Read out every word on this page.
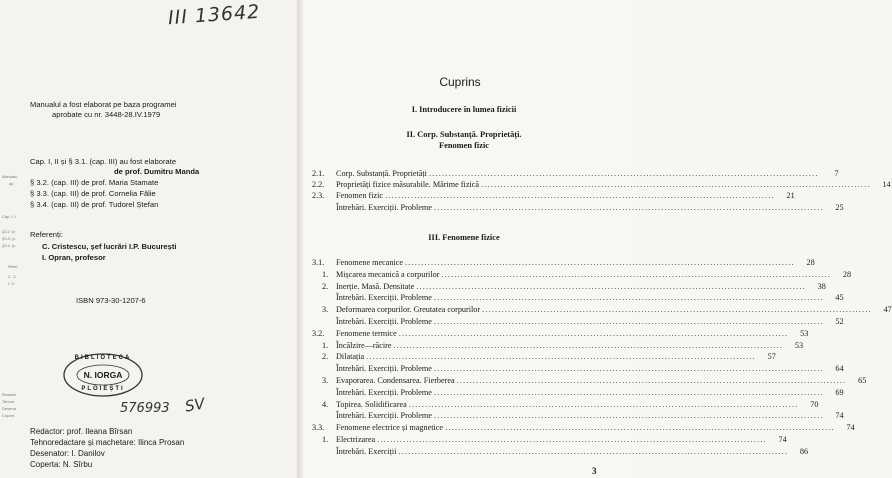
III 13642
Manualul a fost elaborat pe baza programei
aprobate cu nr. 3448-28.IV.1979
Cap. I, II și § 3.1. (cap. III) au fost elaborate
de prof. Dumitru Manda
§ 3.2. (cap. III) de prof. Maria Stamate
§ 3.3. (cap. III) de prof. Cornelia Fălie
§ 3.4. (cap. III) de prof. Tudorel Ștefan
Referenți:
C. Cristescu, șef lucrări I.P. București
I. Opran, profesor
ISBN 973-30-1207-6
BIBLIOTECA
N. IORGA
PLOIEȘTI
576993 SV
Redactor: prof. Ileana Bîrsan
Tehnoredactare și machetare: Ilinca Prosan
Desenator: I. Danilov
Coperta: N. Sîrbu
Manualu
ap
Cap. I, I
§3.2. (c
§3.3. (c
§3.4. (c
Refer
C. C
I. O
Redacti
Tehnor
Desena
Copert
Cuprins
I. Introducere în lumea fizicii
II. Corp. Substanță. Proprietăți.
Fenomen fizic
2.1.	Corp. Substanță. Proprietăți ........................................................................................................................	7
2.2.	Proprietăți fizice măsurabile. Mărime fizică ........................................................................................................................	14
2.3.	Fenomen fizic ........................................................................................................................	21
Întrebări. Exerciții. Probleme ........................................................................................................................	25
III. Fenomene fizice
3.1.	Fenomene mecanice ........................................................................................................................	28
1. Mișcarea mecanică a corpurilor ........................................................................................................................	28
2. Inerție. Masă. Densitate ........................................................................................................................	38
Întrebări. Exerciții. Probleme ........................................................................................................................	45
3. Deformarea corpurilor. Greutatea corpurilor ........................................................................................................................	47
Întrebări. Exerciții. Probleme ........................................................................................................................	52
3.2.	Fenomene termice ........................................................................................................................	53
1. Încălzire—răcire ........................................................................................................................	53
2. Dilatația ........................................................................................................................	57
Întrebări. Exerciții. Probleme ........................................................................................................................	64
3. Evaporarea. Condensarea. Fierberea ........................................................................................................................	65
Întrebări. Exerciții. Probleme ........................................................................................................................	69
4. Topirea. Solidificarea ........................................................................................................................	70
Întrebări. Exerciții. Probleme ........................................................................................................................	74
3.3.	Fenomene electrice și magnetice ........................................................................................................................	74
1. Electrizarea ........................................................................................................................	74
Întrebări. Exerciții ........................................................................................................................	86
3
